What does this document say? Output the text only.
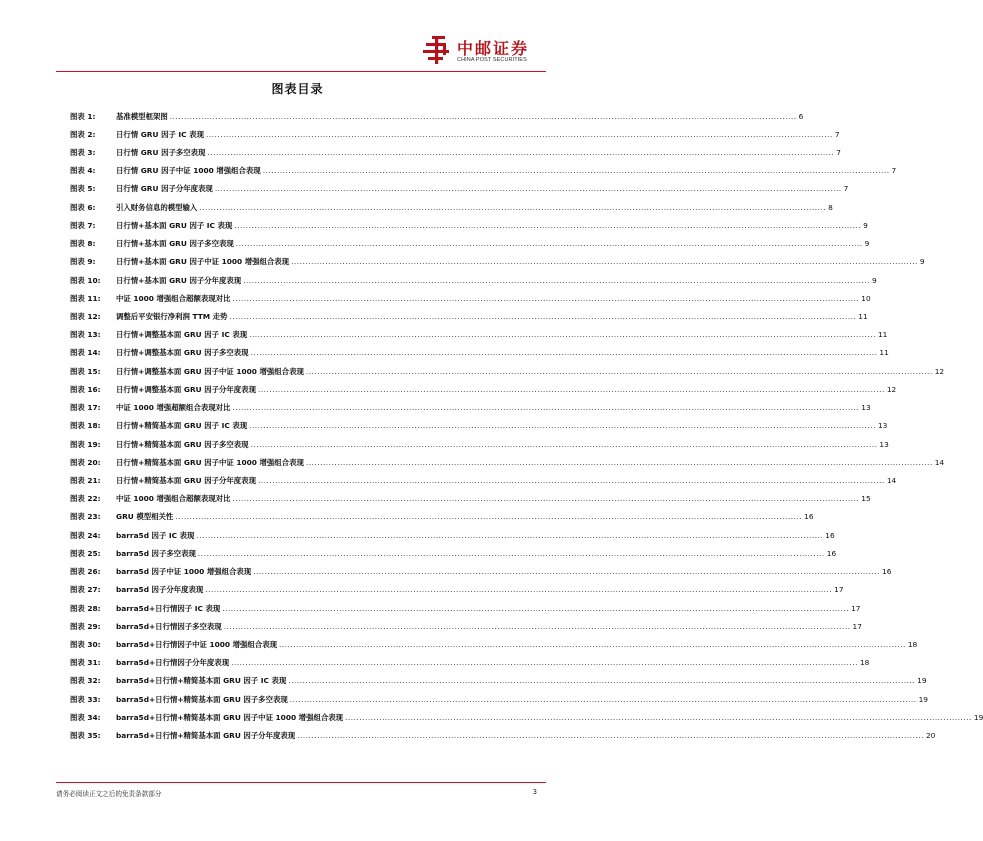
中邮证券
CHINA POST SECURITIES
图表目录
图表 1:	基准模型框架图 ............................................................................................................................................................................................................................ 6
图表 2:	日行情 GRU 因子 IC 表现 ............................................................................................................................................................................................................................ 7
图表 3:	日行情 GRU 因子多空表现 ............................................................................................................................................................................................................................ 7
图表 4:	日行情 GRU 因子中证 1000 增强组合表现 ............................................................................................................................................................................................................................ 7
图表 5:	日行情 GRU 因子分年度表现 ............................................................................................................................................................................................................................ 7
图表 6:	引入财务信息的模型输入 ............................................................................................................................................................................................................................ 8
图表 7:	日行情+基本面 GRU 因子 IC 表现 ............................................................................................................................................................................................................................ 9
图表 8:	日行情+基本面 GRU 因子多空表现 ............................................................................................................................................................................................................................ 9
图表 9:	日行情+基本面 GRU 因子中证 1000 增强组合表现 ............................................................................................................................................................................................................................ 9
图表 10:	日行情+基本面 GRU 因子分年度表现 ............................................................................................................................................................................................................................ 9
图表 11:	中证 1000 增强组合超额表现对比 ............................................................................................................................................................................................................................ 10
图表 12:	调整后平安银行净利润 TTM 走势 ............................................................................................................................................................................................................................ 11
图表 13:	日行情+调整基本面 GRU 因子 IC 表现 ............................................................................................................................................................................................................................ 11
图表 14:	日行情+调整基本面 GRU 因子多空表现 ............................................................................................................................................................................................................................ 11
图表 15:	日行情+调整基本面 GRU 因子中证 1000 增强组合表现 ............................................................................................................................................................................................................................ 12
图表 16:	日行情+调整基本面 GRU 因子分年度表现 ............................................................................................................................................................................................................................ 12
图表 17:	中证 1000 增强超额组合表现对比 ............................................................................................................................................................................................................................ 13
图表 18:	日行情+精简基本面 GRU 因子 IC 表现 ............................................................................................................................................................................................................................ 13
图表 19:	日行情+精简基本面 GRU 因子多空表现 ............................................................................................................................................................................................................................ 13
图表 20:	日行情+精简基本面 GRU 因子中证 1000 增强组合表现 ............................................................................................................................................................................................................................ 14
图表 21:	日行情+精简基本面 GRU 因子分年度表现 ............................................................................................................................................................................................................................ 14
图表 22:	中证 1000 增强组合超额表现对比 ............................................................................................................................................................................................................................ 15
图表 23:	GRU 模型相关性 ............................................................................................................................................................................................................................ 16
图表 24:	barra5d 因子 IC 表现 ............................................................................................................................................................................................................................ 16
图表 25:	barra5d 因子多空表现 ............................................................................................................................................................................................................................ 16
图表 26:	barra5d 因子中证 1000 增强组合表现 ............................................................................................................................................................................................................................ 16
图表 27:	barra5d 因子分年度表现 ............................................................................................................................................................................................................................ 17
图表 28:	barra5d+日行情因子 IC 表现 ............................................................................................................................................................................................................................ 17
图表 29:	barra5d+日行情因子多空表现 ............................................................................................................................................................................................................................ 17
图表 30:	barra5d+日行情因子中证 1000 增强组合表现 ............................................................................................................................................................................................................................ 18
图表 31:	barra5d+日行情因子分年度表现 ............................................................................................................................................................................................................................ 18
图表 32:	barra5d+日行情+精简基本面 GRU 因子 IC 表现 ............................................................................................................................................................................................................................ 19
图表 33:	barra5d+日行情+精简基本面 GRU 因子多空表现 ............................................................................................................................................................................................................................ 19
图表 34:	barra5d+日行情+精简基本面 GRU 因子中证 1000 增强组合表现 ............................................................................................................................................................................................................................ 19
图表 35:	barra5d+日行情+精简基本面 GRU 因子分年度表现 ............................................................................................................................................................................................................................ 20
请务必阅读正文之后的免责条款部分	3
